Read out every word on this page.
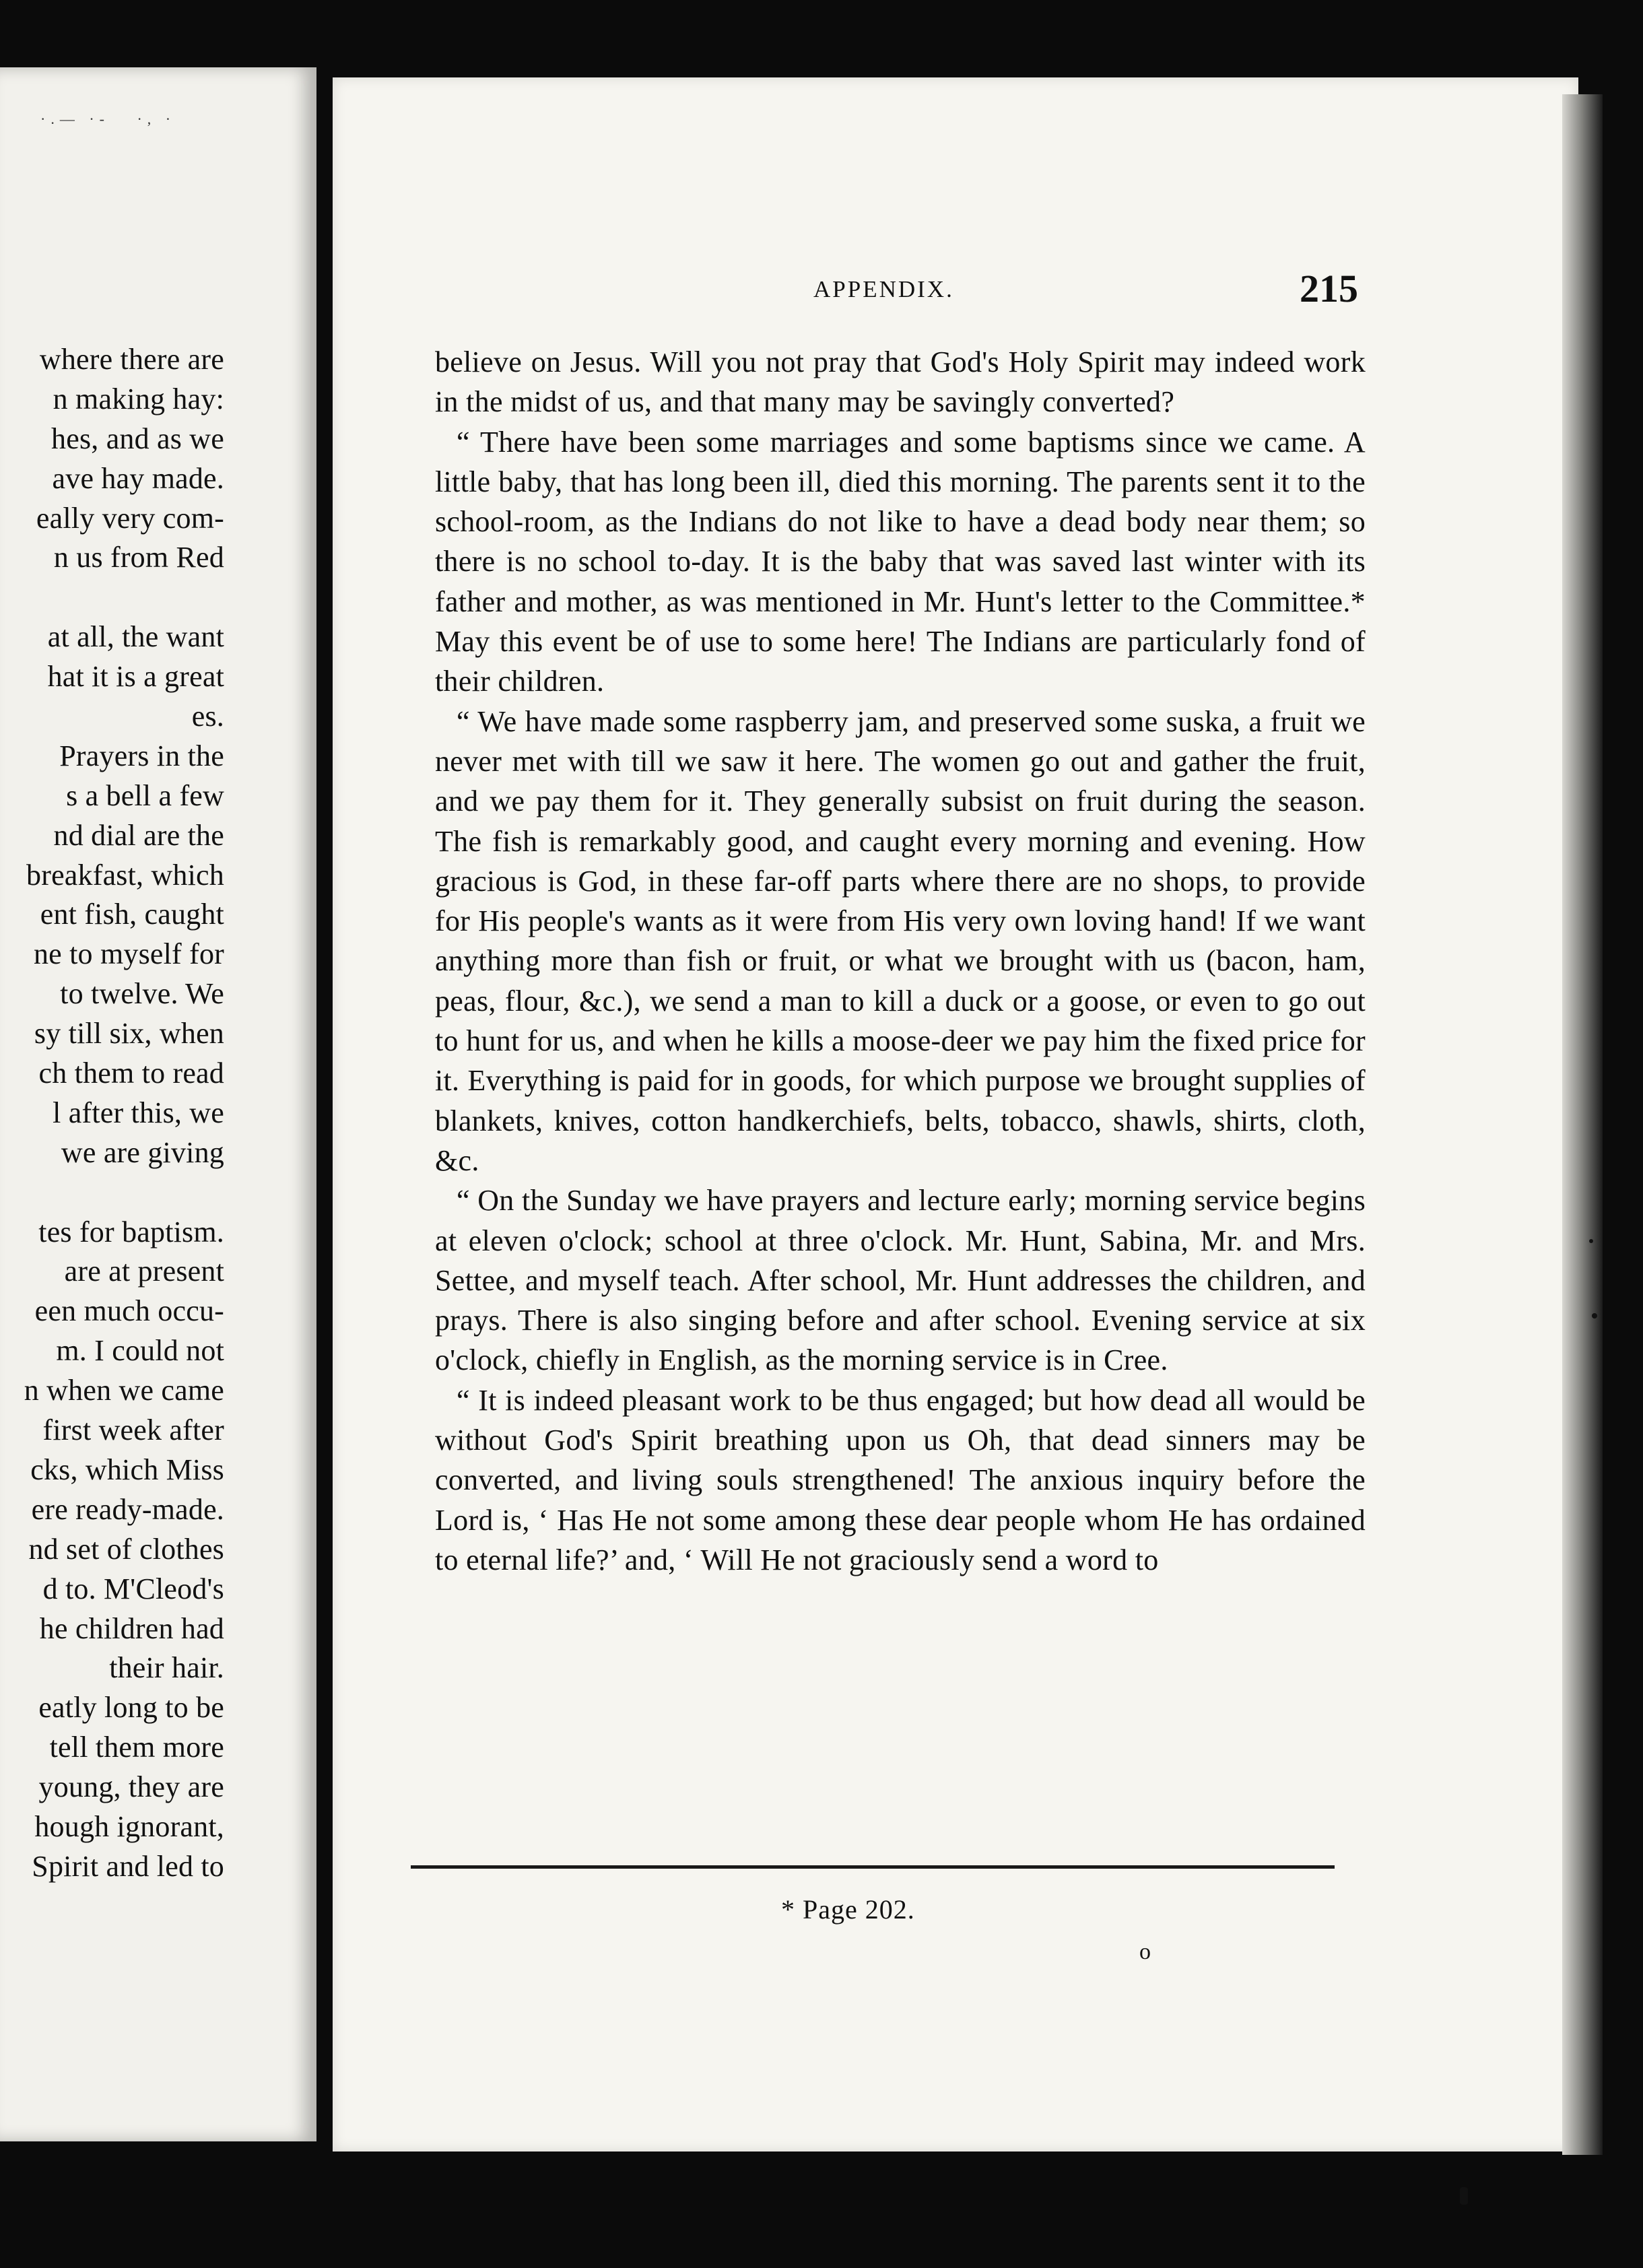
·.— ·-   ·, ·
where there are
n making hay:
hes, and as we
ave hay made.
eally very com-
n us from Red
at all, the want
hat it is a great
es.
Prayers in the
s a bell a few
nd dial are the
breakfast, which
ent fish, caught
ne to myself for
to twelve. We
sy till six, when
ch them to read
l after this, we
we are giving
tes for baptism.
are at present
een much occu-
m. I could not
n when we came
first week after
cks, which Miss
ere ready-made.
nd set of clothes
d to. M'Cleod's
he children had
their hair.
eatly long to be
tell them more
young, they are
hough ignorant,
Spirit and led to
APPENDIX.	215

believe on Jesus. Will you not pray that God's Holy Spirit may indeed work in the midst of us, and that many may be savingly converted?

“ There have been some marriages and some baptisms since we came. A little baby, that has long been ill, died this morning. The parents sent it to the school-room, as the Indians do not like to have a dead body near them; so there is no school to-day. It is the baby that was saved last winter with its father and mother, as was mentioned in Mr. Hunt's letter to the Committee.* May this event be of use to some here! The Indians are particularly fond of their children.

“ We have made some raspberry jam, and preserved some suska, a fruit we never met with till we saw it here. The women go out and gather the fruit, and we pay them for it. They generally subsist on fruit during the season. The fish is remarkably good, and caught every morning and evening. How gracious is God, in these far-off parts where there are no shops, to provide for His people's wants as it were from His very own loving hand! If we want anything more than fish or fruit, or what we brought with us (bacon, ham, peas, flour, &c.), we send a man to kill a duck or a goose, or even to go out to hunt for us, and when he kills a moose-deer we pay him the fixed price for it. Everything is paid for in goods, for which purpose we brought supplies of blankets, knives, cotton handkerchiefs, belts, tobacco, shawls, shirts, cloth, &c.

“ On the Sunday we have prayers and lecture early; morning service begins at eleven o'clock; school at three o'clock. Mr. Hunt, Sabina, Mr. and Mrs. Settee, and myself teach. After school, Mr. Hunt addresses the children, and prays. There is also singing before and after school. Evening service at six o'clock, chiefly in English, as the morning service is in Cree.

“ It is indeed pleasant work to be thus engaged; but how dead all would be without God's Spirit breathing upon us Oh, that dead sinners may be converted, and living souls strengthened! The anxious inquiry before the Lord is, ‘ Has He not some among these dear people whom He has ordained to eternal life?’ and, ‘ Will He not graciously send a word to

* Page 202.
o
